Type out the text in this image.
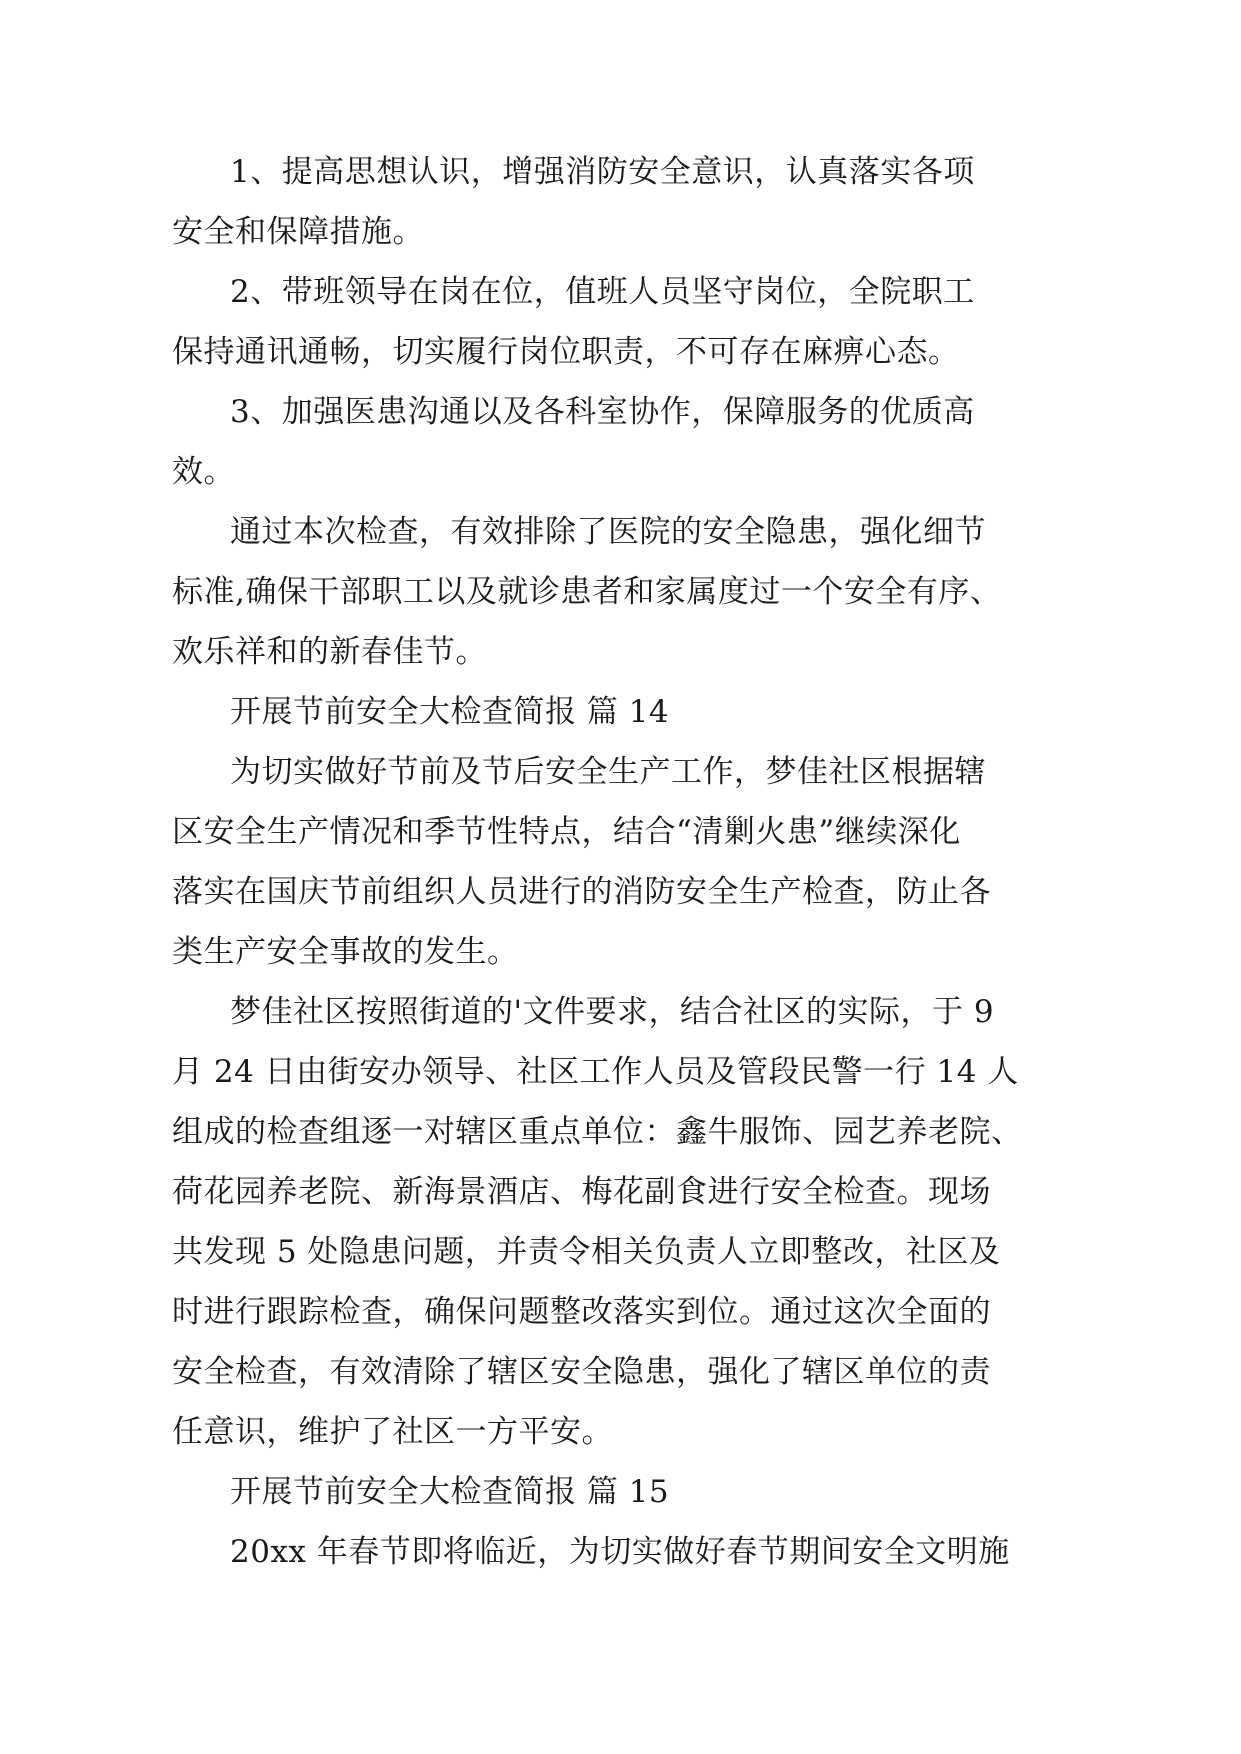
1、提高思想认识，增强消防安全意识，认真落实各项
安全和保障措施。
2、带班领导在岗在位，值班人员坚守岗位，全院职工
保持通讯通畅，切实履行岗位职责，不可存在麻痹心态。
3、加强医患沟通以及各科室协作，保障服务的优质高
效。
通过本次检查，有效排除了医院的安全隐患，强化细节
标准,确保干部职工以及就诊患者和家属度过一个安全有序、
欢乐祥和的新春佳节。
开展节前安全大检查简报 篇 14
为切实做好节前及节后安全生产工作，梦佳社区根据辖
区安全生产情况和季节性特点，结合“清剿火患”继续深化
落实在国庆节前组织人员进行的消防安全生产检查，防止各
类生产安全事故的发生。
梦佳社区按照街道的'文件要求，结合社区的实际，于 9
月 24 日由街安办领导、社区工作人员及管段民警一行 14 人
组成的检查组逐一对辖区重点单位：鑫牛服饰、园艺养老院、
荷花园养老院、新海景酒店、梅花副食进行安全检查。现场
共发现 5 处隐患问题，并责令相关负责人立即整改，社区及
时进行跟踪检查，确保问题整改落实到位。通过这次全面的
安全检查，有效清除了辖区安全隐患，强化了辖区单位的责
任意识，维护了社区一方平安。
开展节前安全大检查简报 篇 15
20xx 年春节即将临近，为切实做好春节期间安全文明施
